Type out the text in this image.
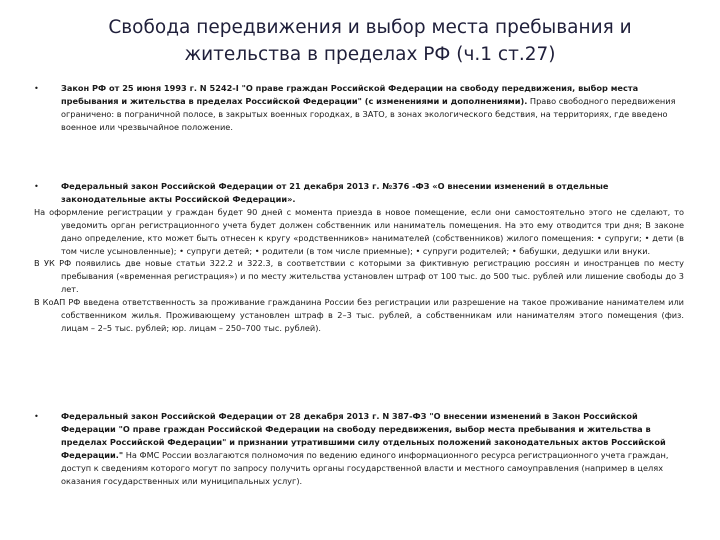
Свобода передвижения и выбор места пребывания и
жительства в пределах РФ (ч.1 ст.27)
•	Закон РФ от 25 июня 1993 г. N 5242-I "О праве граждан Российской Федерации на свободу передвижения, выбор места пребывания и жительства в пределах Российской Федерации" (с изменениями и дополнениями). Право свободного передвижения ограничено: в пограничной полосе, в закрытых военных городках, в ЗАТО, в зонах экологического бедствия, на территориях, где введено военное или чрезвычайное положение.
•	Федеральный закон Российской Федерации от 21 декабря 2013 г. №376 -ФЗ «О внесении изменений в отдельные законодательные акты Российской Федерации».
На оформление регистрации у граждан будет 90 дней с момента приезда в новое помещение, если они самостоятельно этого не сделают, то уведомить орган регистрационного учета будет должен собственник или наниматель помещения. На это ему отводится три дня; В законе дано определение, кто может быть отнесен к кругу «родственников» нанимателей (собственников) жилого помещения: • супруги; • дети (в том числе усыновленные); • супруги детей; • родители (в том числе приемные); • супруги родителей; • бабушки, дедушки или внуки.
В УК РФ появились две новые статьи 322.2 и 322.3, в соответствии с которыми за фиктивную регистрацию россиян и иностранцев по месту пребывания («временная регистрация») и по месту жительства установлен штраф от 100 тыс. до 500 тыс. рублей или лишение свободы до 3 лет.
В КоАП РФ введена ответственность за проживание гражданина России без регистрации или разрешение на такое проживание нанимателем или собственником жилья. Проживающему установлен штраф в 2–3 тыс. рублей, а собственникам или нанимателям этого помещения (физ. лицам – 2–5 тыс. рублей; юр. лицам – 250–700 тыс. рублей).
•	Федеральный закон Российской Федерации от 28 декабря 2013 г. N 387-ФЗ "О внесении изменений в Закон Российской Федерации "О праве граждан Российской Федерации на свободу передвижения, выбор места пребывания и жительства в пределах Российской Федерации" и признании утратившими силу отдельных положений законодательных актов Российской Федерации." На ФМС России возлагаются полномочия по ведению единого информационного ресурса регистрационного учета граждан, доступ к сведениям которого могут по запросу получить органы государственной власти и местного самоуправления (например в целях оказания государственных или муниципальных услуг).
